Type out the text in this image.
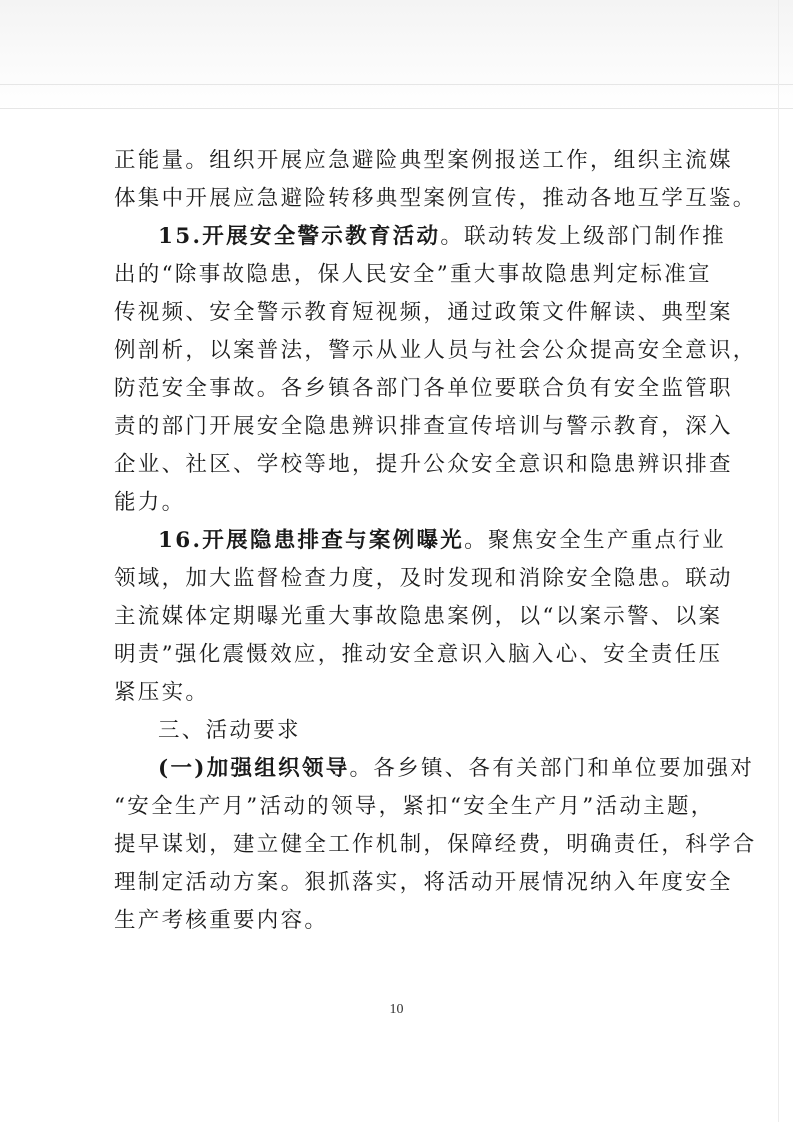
正能量。组织开展应急避险典型案例报送工作，组织主流媒
体集中开展应急避险转移典型案例宣传，推动各地互学互鉴。
15.开展安全警示教育活动。联动转发上级部门制作推
出的“除事故隐患，保人民安全”重大事故隐患判定标准宣
传视频、安全警示教育短视频，通过政策文件解读、典型案
例剖析，以案普法，警示从业人员与社会公众提高安全意识，
防范安全事故。各乡镇各部门各单位要联合负有安全监管职
责的部门开展安全隐患辨识排查宣传培训与警示教育，深入
企业、社区、学校等地，提升公众安全意识和隐患辨识排查
能力。
16.开展隐患排查与案例曝光。聚焦安全生产重点行业
领域，加大监督检查力度，及时发现和消除安全隐患。联动
主流媒体定期曝光重大事故隐患案例，以“以案示警、以案
明责”强化震慑效应，推动安全意识入脑入心、安全责任压
紧压实。
三、活动要求
(一)加强组织领导。各乡镇、各有关部门和单位要加强对
“安全生产月”活动的领导，紧扣“安全生产月”活动主题，
提早谋划，建立健全工作机制，保障经费，明确责任，科学合
理制定活动方案。狠抓落实，将活动开展情况纳入年度安全
生产考核重要内容。
10
